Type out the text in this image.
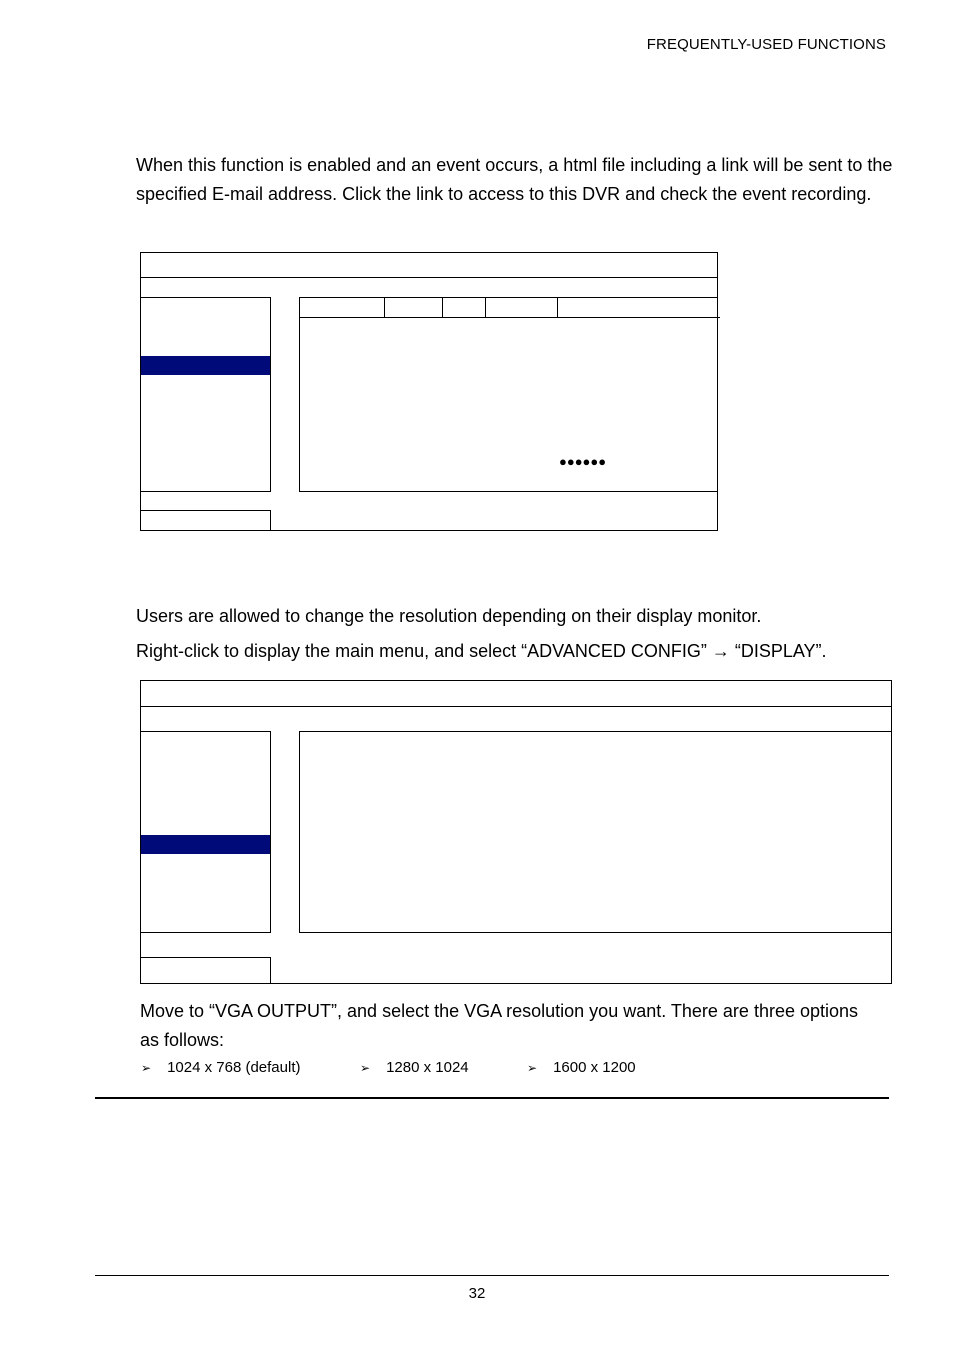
FREQUENTLY-USED FUNCTIONS
When this function is enabled and an event occurs, a html file including a link will be sent to the specified E-mail address. Click the link to access to this DVR and check the event recording.
●●●●●●
Users are allowed to change the resolution depending on their display monitor.
Right-click to display the main menu, and select “ADVANCED CONFIG” → “DISPLAY”.
Move to “VGA OUTPUT”, and select the VGA resolution you want. There are three options as follows:
➢ 1024 x 768 (default)	➢ 1280 x 1024	➢ 1600 x 1200
32
